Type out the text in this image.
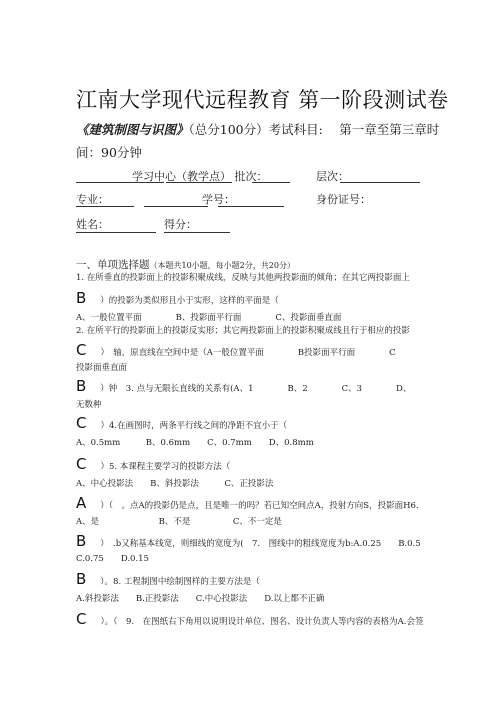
江南大学现代远程教育 第一阶段测试卷
《建筑制图与识图》（总分100分）考试科目:　 第一章至第三章时
间：90分钟
学习中心（教学点） 批次：	层次：
专业：	学号：	身份证号：
姓名：	得分：
一、单项选择题（本题共10小题，每小题2分，共20分）
1. 在所垂直的投影面上的投影积聚成线，反映与其他两投影面的倾角；在其它两投影面上
B ）的投影为类似形且小于实形，这样的平面是（
A、一般位置平面　　　　B、投影面平行面　　　　C、投影面垂直面
2. 在所平行的投影面上的投影反实形；其它两投影面上的投影积聚成线且行于相应的投影
C ）　轴，原直线在空间中是（A一般位置平面　　　　B投影面平行面　　　　C
投影面垂直面
B ）钟　3. 点与无限长直线的关系有(A、1　　　　B、2　　　　C、3　　　　D、
无数种
C ）4.在画图时，两条平行线之间的净距不宜小于（
A、0.5mm　　　B、0.6mm　　C、0.7mm　　D、0.8mm
C ）5. 本课程主要学习的投影方法（
A、中心投影法　　B、斜投影法　　　C、正投影法
A ）（　。点A的投影仍是点，且是唯一的吗？若已知空间点A，投射方向S，投影面H6.
A、是　　　　　　　B、不是　　　　　C、不一定是
B ）　.b又称基本线宽，则细线的宽度为(　7.　图线中的粗线宽度为b:A.0.25　　B.0.5
C.0.75　　D.0.15
B ）。8. 工程制图中绘制图样的主要方法是（
A.斜投影法　　B.正投影法　　C.中心投影法　　D.以上都不正确
C ）。（　9.　在图纸右下角用以说明设计单位、图名、设计负责人等内容的表格为A.会签
